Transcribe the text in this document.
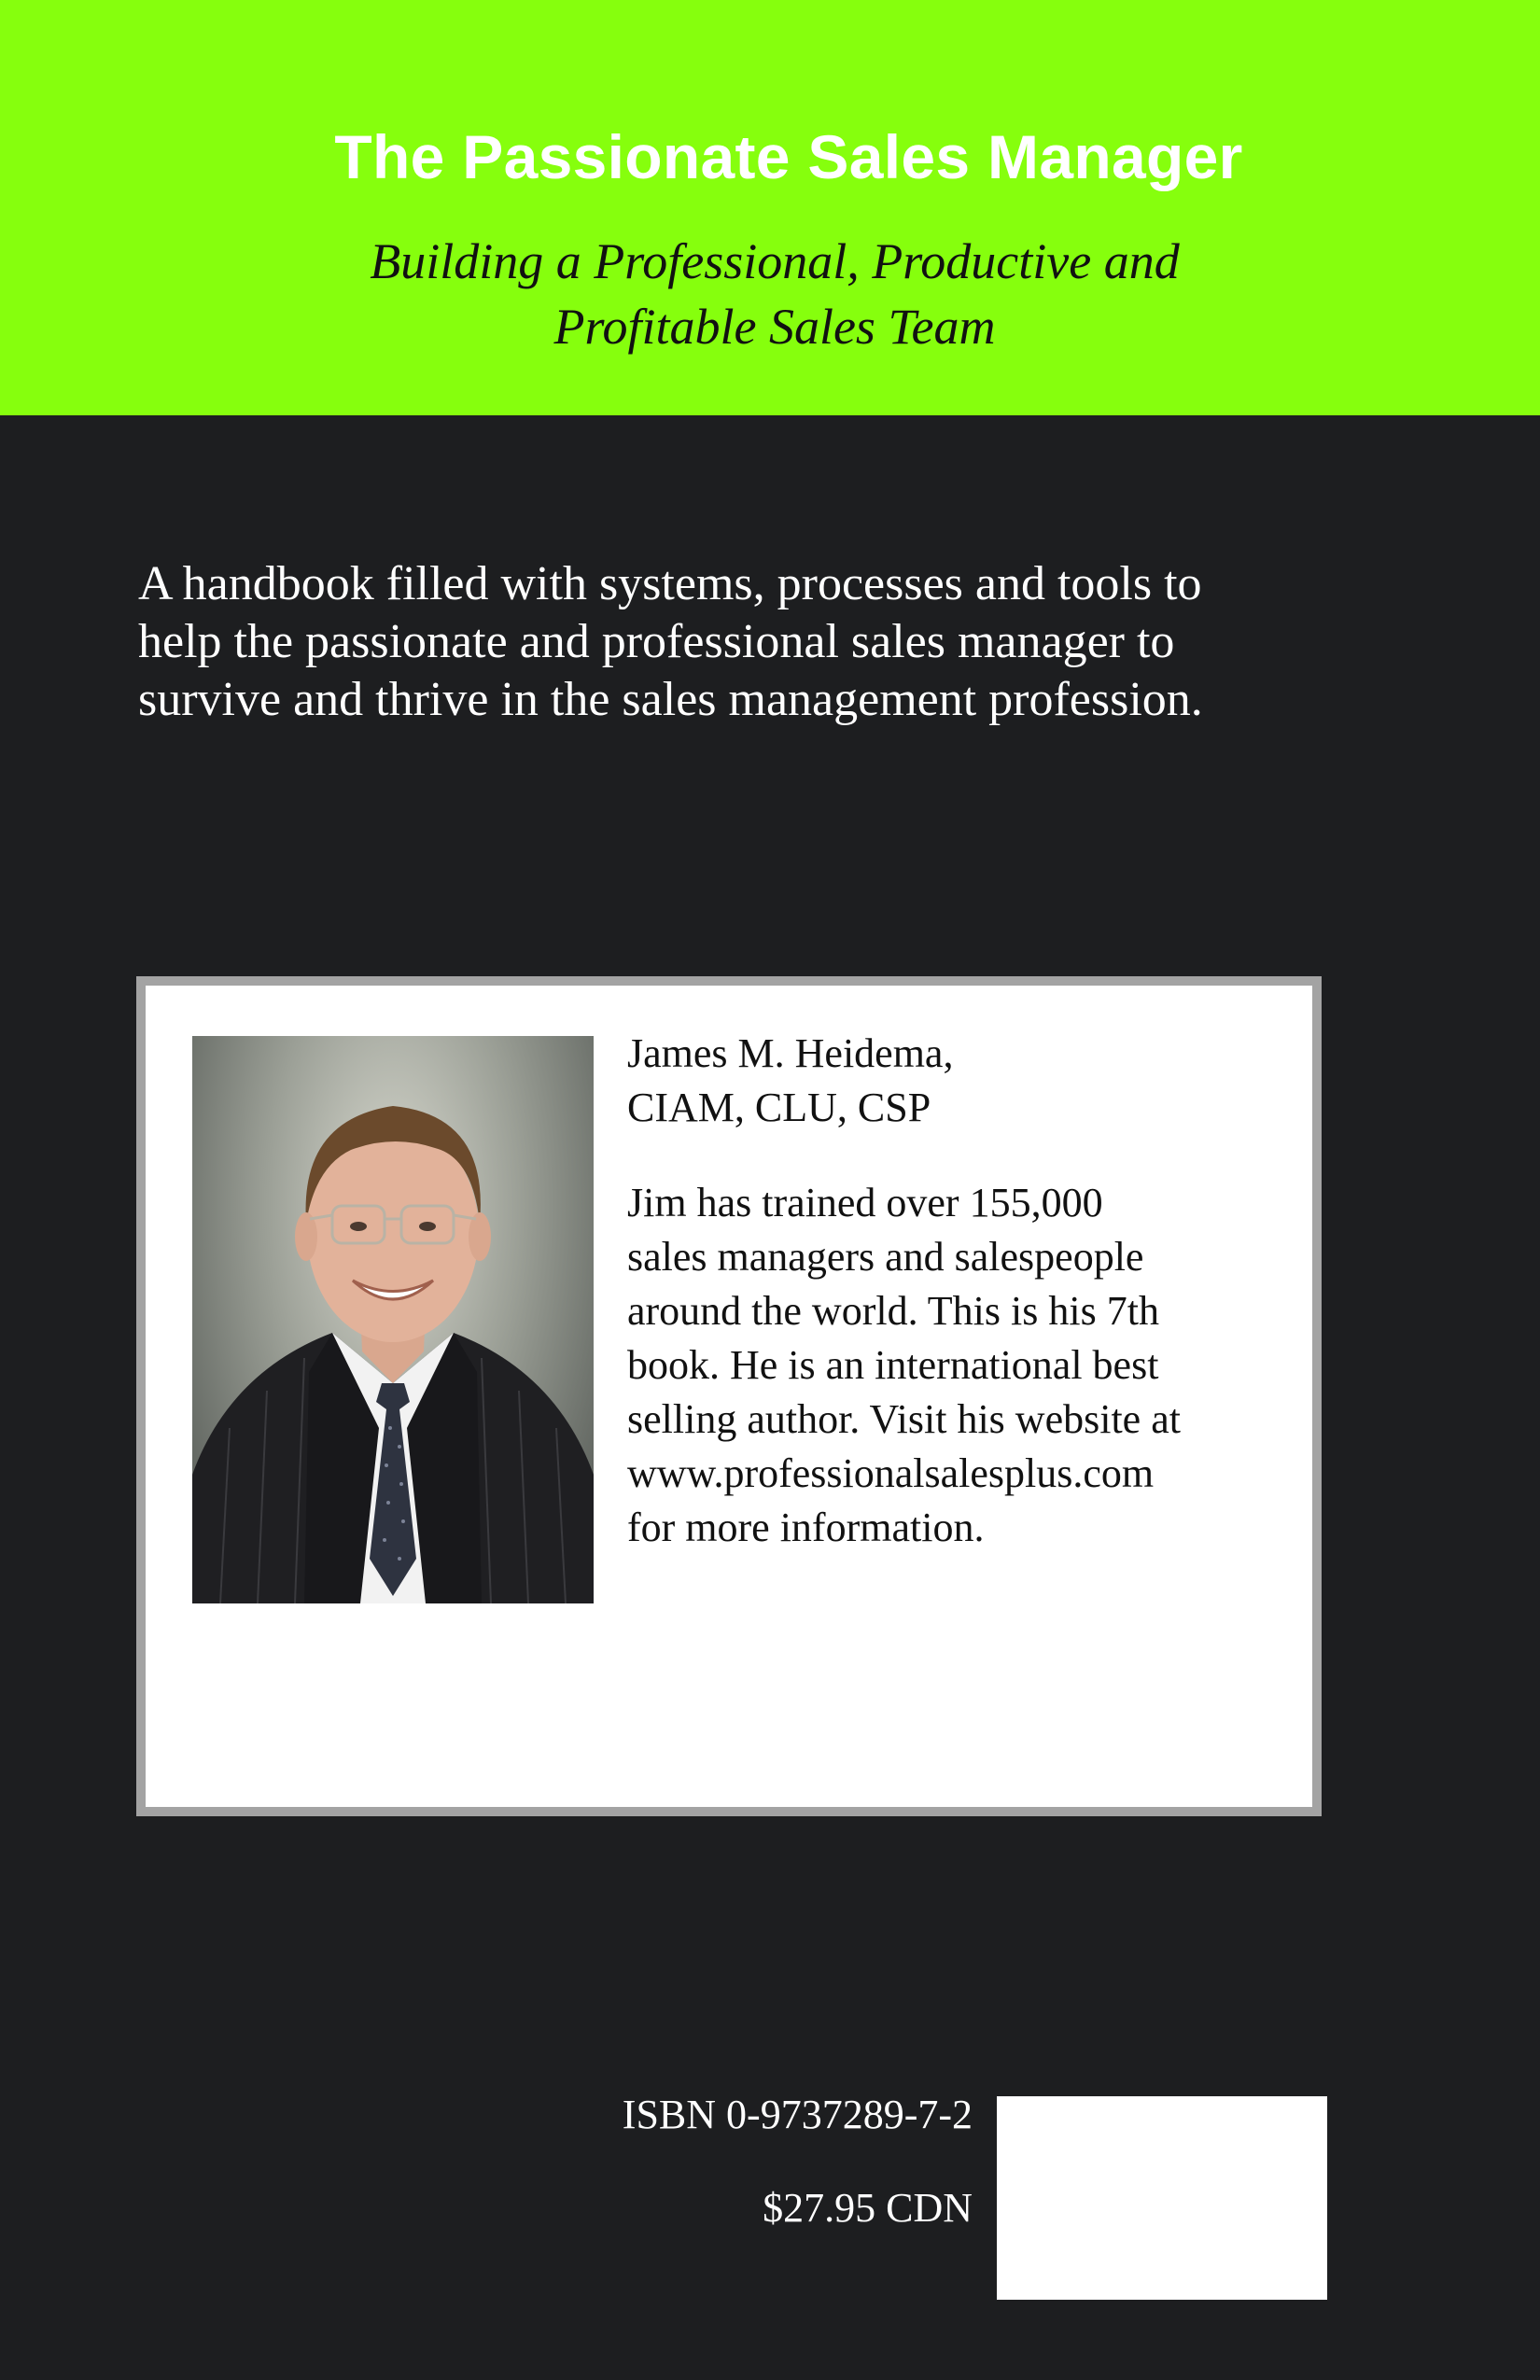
The Passionate Sales Manager
Building a Professional, Productive and
Profitable Sales Team
A handbook filled with systems, processes and tools to
help the passionate and professional sales manager to
survive and thrive in the sales management profession.
James M. Heidema,
CIAM, CLU, CSP
Jim has trained over 155,000
sales managers and salespeople
around the world. This is his 7th
book. He is an international best
selling author. Visit his website at
www.professionalsalesplus.com
for more information.
ISBN 0-9737289-7-2
$27.95 CDN
